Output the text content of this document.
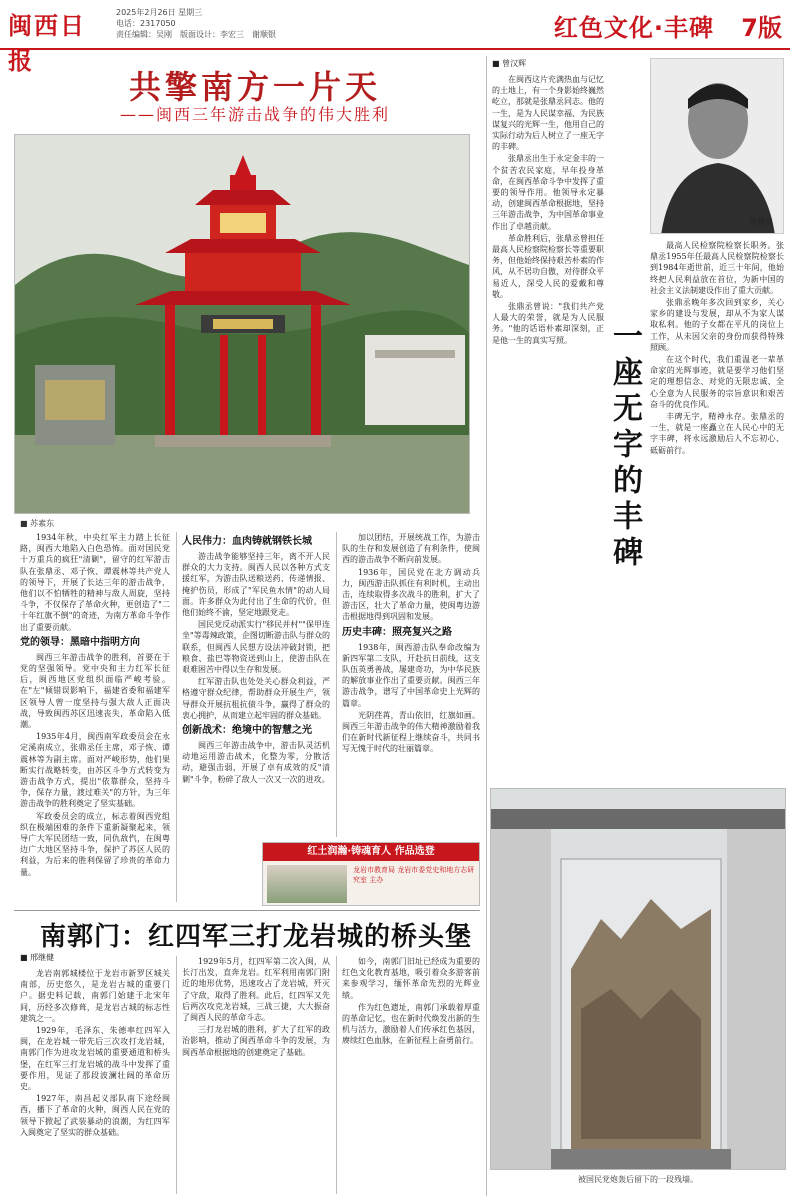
闽西日报
2025年2月26日 星期三
电话：2317050
责任编辑：吴刚　版面设计：李宏三　谢顺银	红色文化·丰碑 7版
共擎南方一片天
——闽西三年游击战争的伟大胜利
■ 苏素东

1934年秋，中央红军主力踏上长征路，闽西大地陷入白色恐怖。面对国民党十万重兵的疯狂"清剿"，留守的红军游击队在张鼎丞、邓子恢、谭震林等共产党人的领导下，开展了长达三年的游击战争，他们以不怕牺牲的精神与敌人周旋，坚持斗争，不仅保存了革命火种，更创造了"二十年红旗不倒"的奇迹，为南方革命斗争作出了重要贡献。

党的领导：黑暗中指明方向

闽西三年游击战争的胜利，首要在于党的坚强领导。党中央和主力红军长征后，闽西地区党组织面临严峻考验。在"左"倾错误影响下，福建省委和福建军区领导人曾一度坚持与强大敌人正面决战，导致闽西苏区迅速丧失，革命陷入低潮。

1935年4月，闽西南军政委员会在永定溪南成立，张鼎丞任主席，邓子恢、谭震林等为副主席。面对严峻形势，他们果断实行战略转变，由苏区斗争方式转变为游击战争方式，提出"依靠群众，坚持斗争，保存力量，渡过难关"的方针，为三年游击战争的胜利奠定了坚实基础。

军政委员会的成立，标志着闽西党组织在极端困难的条件下重新凝聚起来，领导广大军民团结一致，同仇敌忾，在闽粤边广大地区坚持斗争，保护了苏区人民的利益，为后来的胜利保留了珍贵的革命力量。

人民伟力：血肉铸就钢铁长城

游击战争能够坚持三年，离不开人民群众的大力支持。闽西人民以各种方式支援红军，为游击队送粮送药、传递情报、掩护伤员，形成了"军民鱼水情"的动人局面。许多群众为此付出了生命的代价，但他们始终不渝，坚定地跟党走。

国民党反动派实行"移民并村""保甲连坐"等毒辣政策，企图切断游击队与群众的联系，但闽西人民想方设法冲破封锁，把粮食、盐巴等物资送到山上，使游击队在艰难困苦中得以生存和发展。

红军游击队也处处关心群众利益，严格遵守群众纪律，帮助群众开展生产，领导群众开展抗租抗债斗争，赢得了群众的衷心拥护，从而建立起牢固的群众基础。

创新战术：绝境中的智慧之光

闽西三年游击战争中，游击队灵活机动地运用游击战术，化整为零，分散活动，避强击弱，开展了卓有成效的反"清剿"斗争，粉碎了敌人一次又一次的进攻。

加以团结，开展统战工作，为游击队的生存和发展创造了有利条件，使闽西的游击战争不断向前发展。

1936年，国民党在北方调动兵力，闽西游击队抓住有利时机，主动出击，连续取得多次战斗的胜利，扩大了游击区，壮大了革命力量，使闽粤边游击根据地得到巩固和发展。

历史丰碑：照亮复兴之路

1938年，闽西游击队奉命改编为新四军第二支队，开赴抗日前线，这支队伍英勇善战，屡建奇功，为中华民族的解放事业作出了重要贡献。闽西三年游击战争，谱写了中国革命史上光辉的篇章。

光阴荏苒，青山依旧，红旗如画。闽西三年游击战争的伟大精神激励着我们在新时代新征程上继续奋斗，共同书写无愧于时代的壮丽篇章。

红土润瀚·铸魂育人 作品选登
龙岩市教育局 龙岩市委党史和地方志研究室 主办
南郭门：红四军三打龙岩城的桥头堡
■ 邢继健

龙岩南郭城楼位于龙岩市新罗区城关南部，历史悠久，是龙岩古城的重要门户。据史料记载，南郭门始建于北宋年间，历经多次修葺，是龙岩古城的标志性建筑之一。

1929年，毛泽东、朱德率红四军入闽，在龙岩城一带先后三次攻打龙岩城，南郭门作为进攻龙岩城的重要通道和桥头堡，在红军三打龙岩城的战斗中发挥了重要作用，见证了那段波澜壮阔的革命历史。

1927年，南昌起义部队南下途经闽西，播下了革命的火种，闽西人民在党的领导下掀起了武装暴动的浪潮，为红四军入闽奠定了坚实的群众基础。

1929年5月，红四军第二次入闽，从长汀出发，直奔龙岩。红军利用南郭门附近的地形优势，迅速攻占了龙岩城，歼灭了守敌，取得了胜利。此后，红四军又先后两次攻克龙岩城，三战三捷，大大振奋了闽西人民的革命斗志。

三打龙岩城的胜利，扩大了红军的政治影响，推动了闽西革命斗争的发展，为闽西革命根据地的创建奠定了基础。

如今，南郭门旧址已经成为重要的红色文化教育基地，吸引着众多游客前来参观学习，缅怀革命先烈的光辉业绩。

作为红色遗址，南郭门承载着厚重的革命记忆，也在新时代焕发出新的生机与活力，激励着人们传承红色基因，赓续红色血脉，在新征程上奋勇前行。

■ 曾汉辉

在闽西这片充满热血与记忆的土地上，有一个身影始终巍然屹立，那就是张鼎丞同志。他的一生，是为人民谋幸福、为民族谋复兴的光辉一生，他用自己的实际行动为后人树立了一座无字的丰碑。

张鼎丞出生于永定金丰的一个贫苦农民家庭，早年投身革命，在闽西革命斗争中发挥了重要的领导作用。他领导永定暴动，创建闽西革命根据地，坚持三年游击战争，为中国革命事业作出了卓越贡献。

革命胜利后，张鼎丞曾担任最高人民检察院检察长等重要职务，但他始终保持艰苦朴素的作风，从不居功自傲，对待群众平易近人，深受人民的爱戴和尊敬。

张鼎丞曾说："我们共产党人最大的荣誉，就是为人民服务。"他的话语朴素却深刻，正是他一生的真实写照。

张鼎丞
一座无字的丰碑

最高人民检察院检察长职务。张鼎丞1955年任最高人民检察院检察长到1984年逝世前，近三十年间，他始终把人民利益放在首位，为新中国的社会主义法制建设作出了重大贡献。

张鼎丞晚年多次回到家乡，关心家乡的建设与发展，却从不为家人谋取私利。他的子女都在平凡的岗位上工作，从未因父亲的身份而获得特殊照顾。

在这个时代，我们重温老一辈革命家的光辉事迹，就是要学习他们坚定的理想信念、对党的无限忠诚、全心全意为人民服务的宗旨意识和艰苦奋斗的优良作风。

丰碑无字，精神永存。张鼎丞的一生，就是一座矗立在人民心中的无字丰碑，将永远激励后人不忘初心、砥砺前行。

被国民党炮轰后留下的一段残墙。
